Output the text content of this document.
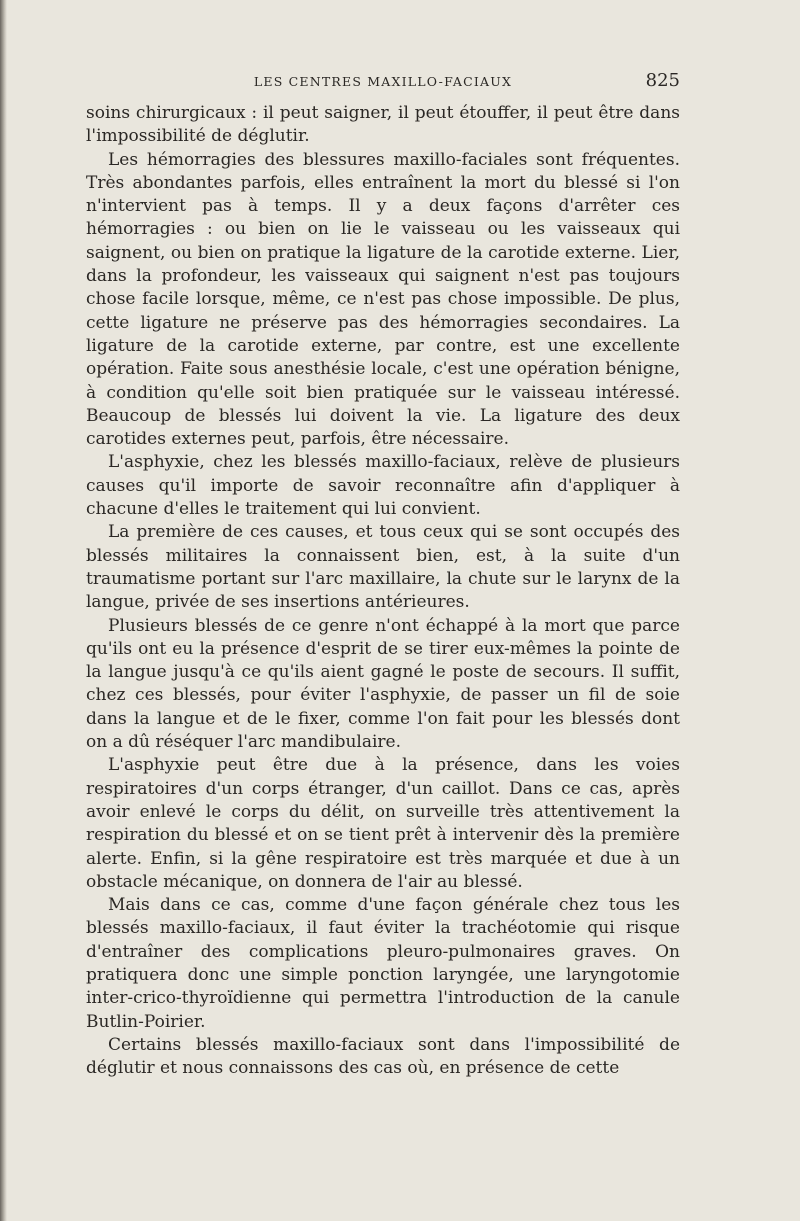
LES CENTRES MAXILLO-FACIAUX	825

soins chirurgicaux : il peut saigner, il peut étouffer, il peut être dans l'impossibilité de déglutir.

Les hémorragies des blessures maxillo-faciales sont fréquentes. Très abondantes parfois, elles entraînent la mort du blessé si l'on n'intervient pas à temps. Il y a deux façons d'arrêter ces hémorragies : ou bien on lie le vaisseau ou les vaisseaux qui saignent, ou bien on pratique la ligature de la carotide externe. Lier, dans la profondeur, les vaisseaux qui saignent n'est pas toujours chose facile lorsque, même, ce n'est pas chose impossible. De plus, cette ligature ne préserve pas des hémorragies secondaires. La ligature de la carotide externe, par contre, est une excellente opération. Faite sous anesthésie locale, c'est une opération bénigne, à condition qu'elle soit bien pratiquée sur le vaisseau intéressé. Beaucoup de blessés lui doivent la vie. La ligature des deux carotides externes peut, parfois, être nécessaire.

L'asphyxie, chez les blessés maxillo-faciaux, relève de plusieurs causes qu'il importe de savoir reconnaître afin d'appliquer à chacune d'elles le traitement qui lui convient.

La première de ces causes, et tous ceux qui se sont occupés des blessés militaires la connaissent bien, est, à la suite d'un traumatisme portant sur l'arc maxillaire, la chute sur le larynx de la langue, privée de ses insertions antérieures.

Plusieurs blessés de ce genre n'ont échappé à la mort que parce qu'ils ont eu la présence d'esprit de se tirer eux-mêmes la pointe de la langue jusqu'à ce qu'ils aient gagné le poste de secours. Il suffit, chez ces blessés, pour éviter l'asphyxie, de passer un fil de soie dans la langue et de le fixer, comme l'on fait pour les blessés dont on a dû réséquer l'arc mandibulaire.

L'asphyxie peut être due à la présence, dans les voies respiratoires d'un corps étranger, d'un caillot. Dans ce cas, après avoir enlevé le corps du délit, on surveille très attentivement la respiration du blessé et on se tient prêt à intervenir dès la première alerte. Enfin, si la gêne respiratoire est très marquée et due à un obstacle mécanique, on donnera de l'air au blessé.

Mais dans ce cas, comme d'une façon générale chez tous les blessés maxillo-faciaux, il faut éviter la trachéotomie qui risque d'entraîner des complications pleuro-pulmonaires graves. On pratiquera donc une simple ponction laryngée, une laryngotomie inter-crico-thyroïdienne qui permettra l'introduction de la canule Butlin-Poirier.

Certains blessés maxillo-faciaux sont dans l'impossibilité de déglutir et nous connaissons des cas où, en présence de cette
